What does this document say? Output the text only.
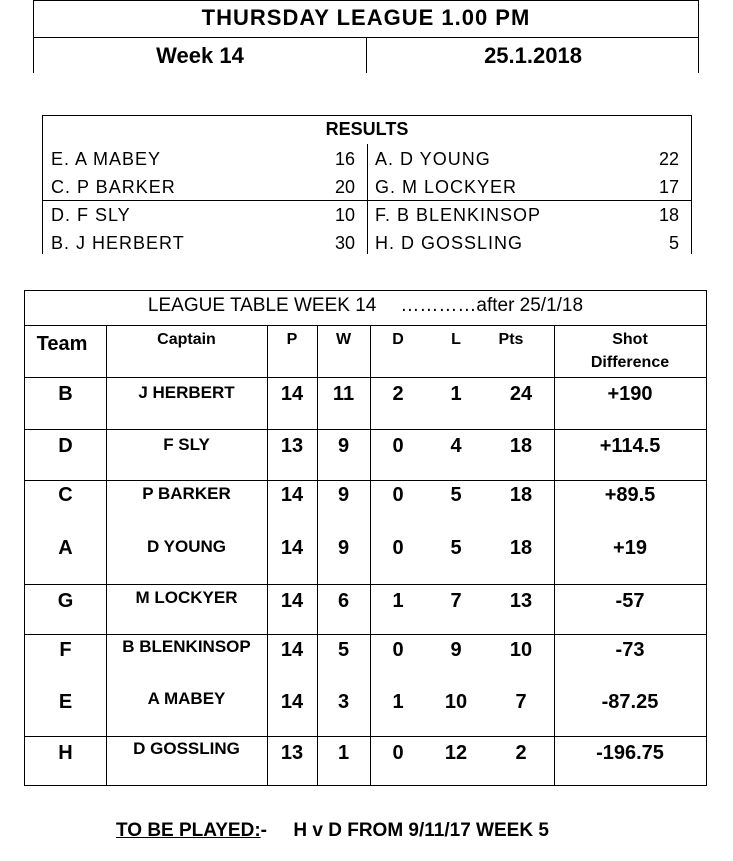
THURSDAY LEAGUE 1.00 PM
Week 14	25.1.2018
RESULTS
E. A MABEY	16 A. D YOUNG	22
C. P BARKER	20 G. M LOCKYER	17
D. F SLY	10 F. B BLENKINSOP	18
B. J HERBERT	30 H. D GOSSLING	5
LEAGUE TABLE WEEK 14 …………after 25/1/18
Team	Captain	P	W	D	L	Pts	Shot
Difference
B	J HERBERT	14	11	2	1	24	+190
D	F SLY	13	9	0	4	18	+114.5
C	P BARKER	14	9	0	5	18	+89.5
A	D YOUNG	14	9	0	5	18	+19
G	M LOCKYER	14	6	1	7	13	-57
F	B BLENKINSOP	14	5	0	9	10	-73
E	A MABEY	14	3	1	10	7	-87.25
H	D GOSSLING	13	1	0	12	2	-196.75
TO BE PLAYED:-     H v D FROM 9/11/17 WEEK 5
